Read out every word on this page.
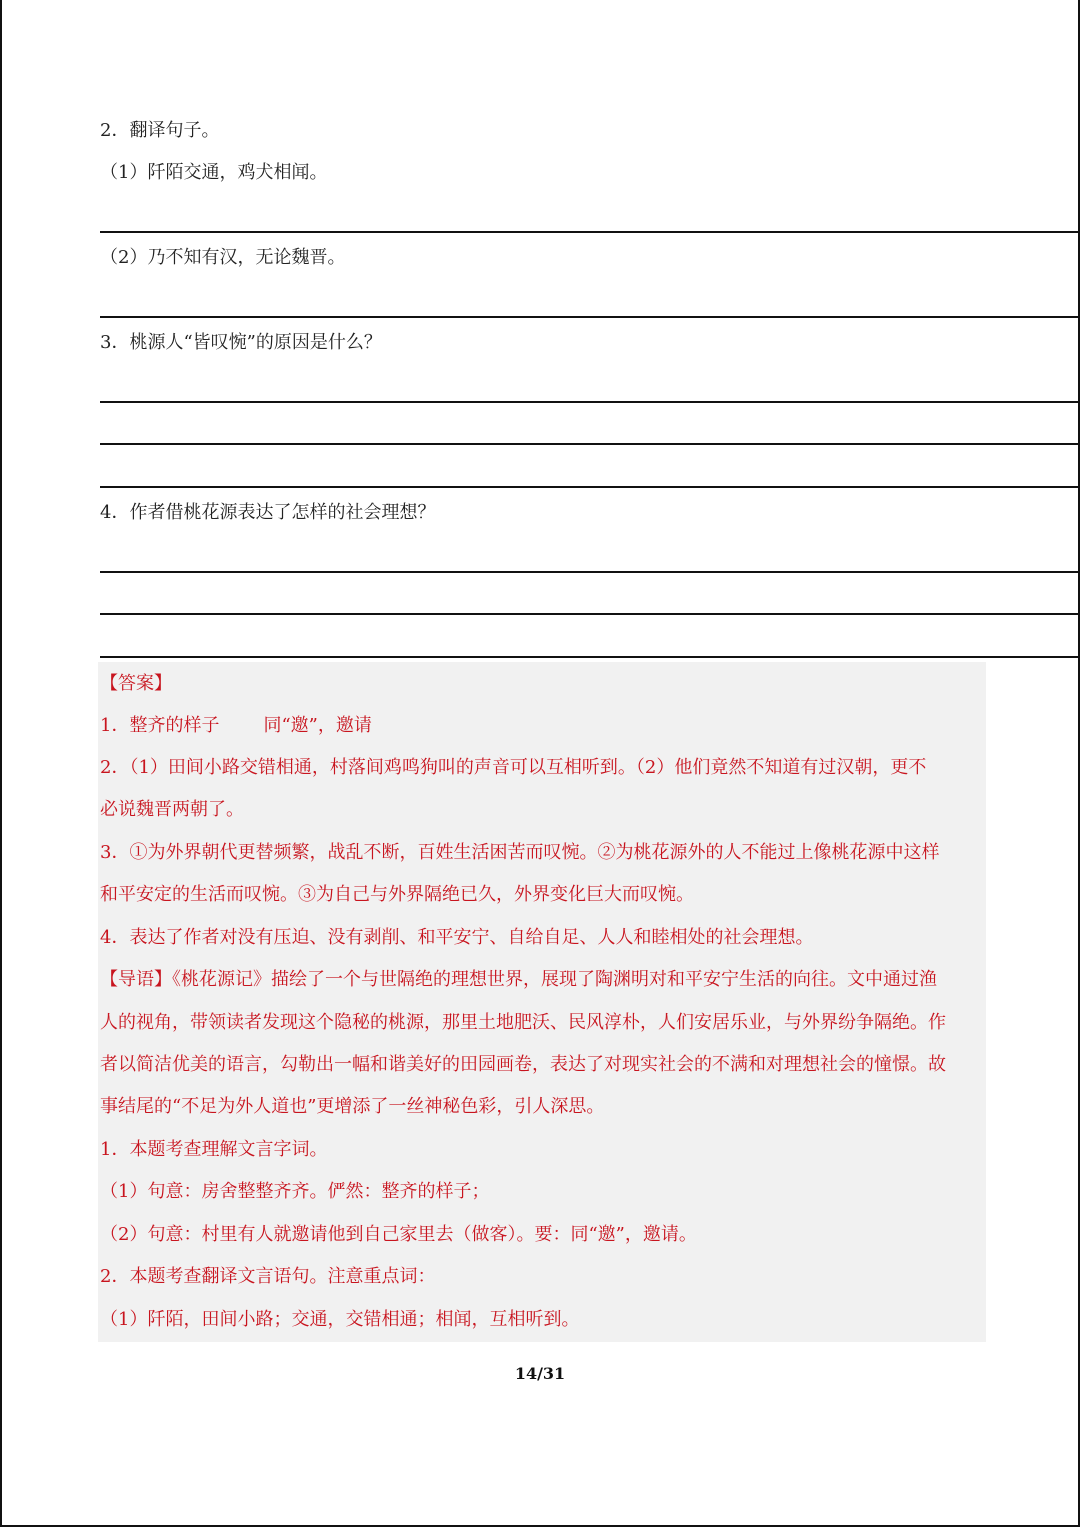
2．翻译句子。
（1）阡陌交通，鸡犬相闻。
（2）乃不知有汉，无论魏晋。
3．桃源人“皆叹惋”的原因是什么？
4．作者借桃花源表达了怎样的社会理想？
【答案】
1．整齐的样子 同“邀”，邀请
2．（1）田间小路交错相通，村落间鸡鸣狗叫的声音可以互相听到。（2）他们竟然不知道有过汉朝，更不
必说魏晋两朝了。
3．①为外界朝代更替频繁，战乱不断，百姓生活困苦而叹惋。②为桃花源外的人不能过上像桃花源中这样
和平安定的生活而叹惋。③为自己与外界隔绝已久，外界变化巨大而叹惋。
4．表达了作者对没有压迫、没有剥削、和平安宁、自给自足、人人和睦相处的社会理想。
【导语】《桃花源记》描绘了一个与世隔绝的理想世界，展现了陶渊明对和平安宁生活的向往。文中通过渔
人的视角，带领读者发现这个隐秘的桃源，那里土地肥沃、民风淳朴，人们安居乐业，与外界纷争隔绝。作
者以简洁优美的语言，勾勒出一幅和谐美好的田园画卷，表达了对现实社会的不满和对理想社会的憧憬。故
事结尾的“不足为外人道也”更增添了一丝神秘色彩，引人深思。
1．本题考查理解文言字词。
（1）句意：房舍整整齐齐。俨然：整齐的样子；
（2）句意：村里有人就邀请他到自己家里去（做客）。要：同“邀”，邀请。
2．本题考查翻译文言语句。注意重点词：
（1）阡陌，田间小路；交通，交错相通；相闻，互相听到。
14/31
